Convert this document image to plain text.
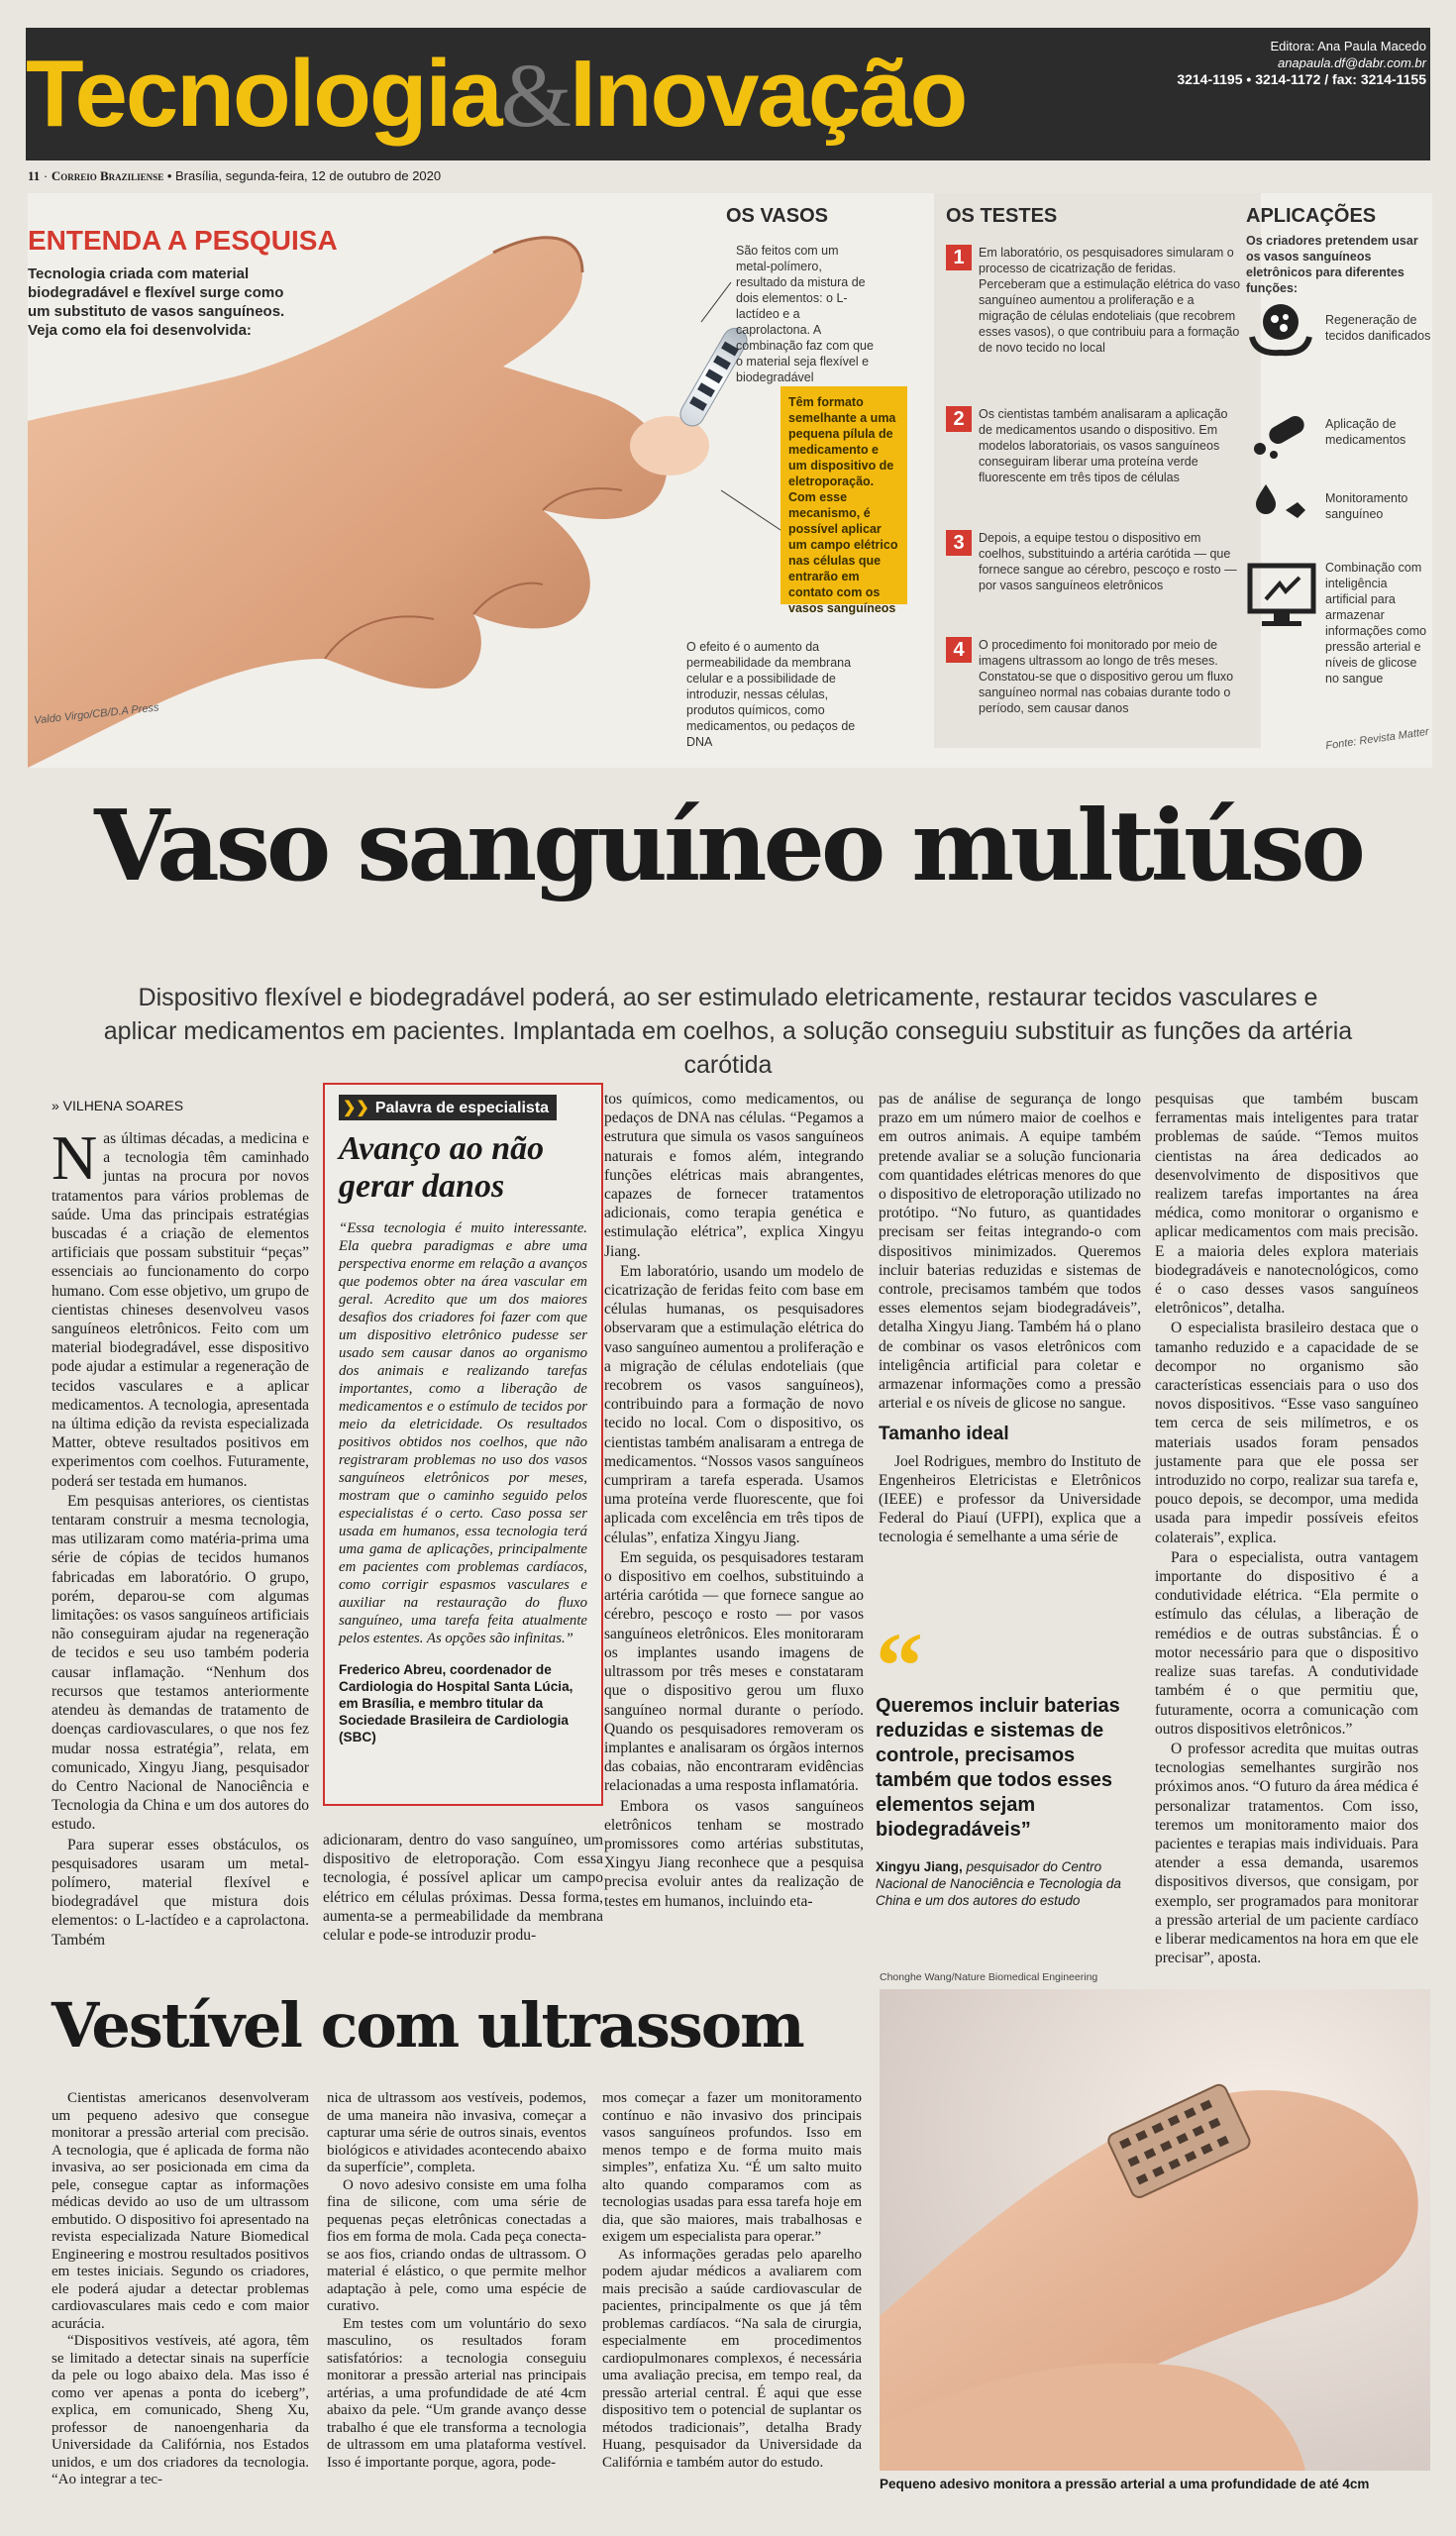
Tecnologia&Inovação	Editora: Ana Paula Macedo
anapaula.df@dabr.com.br
3214-1195 • 3214-1172 / fax: 3214-1155
11 · Correio Braziliense • Brasília, segunda-feira, 12 de outubro de 2020
ENTENDA A PESQUISA
Tecnologia criada com material biodegradável e flexível surge como um substituto de vasos sanguíneos. Veja como ela foi desenvolvida:
OS VASOS
São feitos com um metal-polímero, resultado da mistura de dois elementos: o L-lactídeo e a caprolactona. A combinação faz com que o material seja flexível e biodegradável
Têm formato semelhante a uma pequena pílula de medicamento e um dispositivo de eletroporação. Com esse mecanismo, é possível aplicar um campo elétrico nas células que entrarão em contato com os vasos sanguíneos
O efeito é o aumento da permeabilidade da membrana celular e a possibilidade de introduzir, nessas células, produtos químicos, como medicamentos, ou pedaços de DNA
OS TESTES
1	Em laboratório, os pesquisadores simularam o processo de cicatrização de feridas. Perceberam que a estimulação elétrica do vaso sanguíneo aumentou a proliferação e a migração de células endoteliais (que recobrem esses vasos), o que contribuiu para a formação de novo tecido no local
2	Os cientistas também analisaram a aplicação de medicamentos usando o dispositivo. Em modelos laboratoriais, os vasos sanguíneos conseguiram liberar uma proteína verde fluorescente em três tipos de células
3	Depois, a equipe testou o dispositivo em coelhos, substituindo a artéria carótida — que fornece sangue ao cérebro, pescoço e rosto — por vasos sanguíneos eletrônicos
4	O procedimento foi monitorado por meio de imagens ultrassom ao longo de três meses. Constatou-se que o dispositivo gerou um fluxo sanguíneo normal nas cobaias durante todo o período, sem causar danos
APLICAÇÕES
Os criadores pretendem usar os vasos sanguíneos eletrônicos para diferentes funções:
Regeneração de tecidos danificados
Aplicação de medicamentos
Monitoramento sanguíneo
Combinação com inteligência artificial para armazenar informações como pressão arterial e níveis de glicose no sangue
Valdo Virgo/CB/D.A Press
Fonte: Revista Matter
Vaso sanguíneo multiúso
Dispositivo flexível e biodegradável poderá, ao ser estimulado eletricamente, restaurar tecidos vasculares e aplicar medicamentos em pacientes. Implantada em coelhos, a solução conseguiu substituir as funções da artéria carótida
» VILHENA SOARES

Nas últimas décadas, a medicina e a tecnologia têm caminhado juntas na procura por novos tratamentos para vários problemas de saúde. Uma das principais estratégias buscadas é a criação de elementos artificiais que possam substituir “peças” essenciais ao funcionamento do corpo humano. Com esse objetivo, um grupo de cientistas chineses desenvolveu vasos sanguíneos eletrônicos. Feito com um material biodegradável, esse dispositivo pode ajudar a estimular a regeneração de tecidos vasculares e a aplicar medicamentos. A tecnologia, apresentada na última edição da revista especializada Matter, obteve resultados positivos em experimentos com coelhos. Futuramente, poderá ser testada em humanos.

Em pesquisas anteriores, os cientistas tentaram construir a mesma tecnologia, mas utilizaram como matéria-prima uma série de cópias de tecidos humanos fabricadas em laboratório. O grupo, porém, deparou-se com algumas limitações: os vasos sanguíneos artificiais não conseguiram ajudar na regeneração de tecidos e seu uso também poderia causar inflamação. “Nenhum dos recursos que testamos anteriormente atendeu às demandas de tratamento de doenças cardiovasculares, o que nos fez mudar nossa estratégia”, relata, em comunicado, Xingyu Jiang, pesquisador do Centro Nacional de Nanociência e Tecnologia da China e um dos autores do estudo.

Para superar esses obstáculos, os pesquisadores usaram um metal-polímero, material flexível e biodegradável que mistura dois elementos: o L-lactídeo e a caprolactona. Também

❯❯ Palavra de especialista
Avanço ao não gerar danos
“Essa tecnologia é muito interessante. Ela quebra paradigmas e abre uma perspectiva enorme em relação a avanços que podemos obter na área vascular em geral. Acredito que um dos maiores desafios dos criadores foi fazer com que um dispositivo eletrônico pudesse ser usado sem causar danos ao organismo dos animais e realizando tarefas importantes, como a liberação de medicamentos e o estímulo de tecidos por meio da eletricidade. Os resultados positivos obtidos nos coelhos, que não registraram problemas no uso dos vasos sanguíneos eletrônicos por meses, mostram que o caminho seguido pelos especialistas é o certo. Caso possa ser usada em humanos, essa tecnologia terá uma gama de aplicações, principalmente em pacientes com problemas cardíacos, como corrigir espasmos vasculares e auxiliar na restauração do fluxo sanguíneo, uma tarefa feita atualmente pelos estentes. As opções são infinitas.”
Frederico Abreu, coordenador de Cardiologia do Hospital Santa Lúcia, em Brasília, e membro titular da Sociedade Brasileira de Cardiologia (SBC)

adicionaram, dentro do vaso sanguíneo, um dispositivo de eletroporação. Com essa tecnologia, é possível aplicar um campo elétrico em células próximas. Dessa forma, aumenta-se a permeabilidade da membrana celular e pode-se introduzir produ-

tos químicos, como medicamentos, ou pedaços de DNA nas células. “Pegamos a estrutura que simula os vasos sanguíneos naturais e fomos além, integrando funções elétricas mais abrangentes, capazes de fornecer tratamentos adicionais, como terapia genética e estimulação elétrica”, explica Xingyu Jiang.

Em laboratório, usando um modelo de cicatrização de feridas feito com base em células humanas, os pesquisadores observaram que a estimulação elétrica do vaso sanguíneo aumentou a proliferação e a migração de células endoteliais (que recobrem os vasos sanguíneos), contribuindo para a formação de novo tecido no local. Com o dispositivo, os cientistas também analisaram a entrega de medicamentos. “Nossos vasos sanguíneos cumpriram a tarefa esperada. Usamos uma proteína verde fluorescente, que foi aplicada com excelência em três tipos de células”, enfatiza Xingyu Jiang.

Em seguida, os pesquisadores testaram o dispositivo em coelhos, substituindo a artéria carótida — que fornece sangue ao cérebro, pescoço e rosto — por vasos sanguíneos eletrônicos. Eles monitoraram os implantes usando imagens de ultrassom por três meses e constataram que o dispositivo gerou um fluxo sanguíneo normal durante o período. Quando os pesquisadores removeram os implantes e analisaram os órgãos internos das cobaias, não encontraram evidências relacionadas a uma resposta inflamatória.

Embora os vasos sanguíneos eletrônicos tenham se mostrado promissores como artérias substitutas, Xingyu Jiang reconhece que a pesquisa precisa evoluir antes da realização de testes em humanos, incluindo eta-

pas de análise de segurança de longo prazo em um número maior de coelhos e em outros animais. A equipe também pretende avaliar se a solução funcionaria com quantidades elétricas menores do que o dispositivo de eletroporação utilizado no protótipo. “No futuro, as quantidades precisam ser feitas integrando-o com dispositivos minimizados. Queremos incluir baterias reduzidas e sistemas de controle, precisamos também que todos esses elementos sejam biodegradáveis”, detalha Xingyu Jiang. Também há o plano de combinar os vasos eletrônicos com inteligência artificial para coletar e armazenar informações como a pressão arterial e os níveis de glicose no sangue.

Tamanho ideal

Joel Rodrigues, membro do Instituto de Engenheiros Eletricistas e Eletrônicos (IEEE) e professor da Universidade Federal do Piauí (UFPI), explica que a tecnologia é semelhante a uma série de

“
Queremos incluir baterias reduzidas e sistemas de controle, precisamos também que todos esses elementos sejam biodegradáveis”
Xingyu Jiang, pesquisador do Centro Nacional de Nanociência e Tecnologia da China e um dos autores do estudo

pesquisas que também buscam ferramentas mais inteligentes para tratar problemas de saúde. “Temos muitos cientistas na área dedicados ao desenvolvimento de dispositivos que realizem tarefas importantes na área médica, como monitorar o organismo e aplicar medicamentos com mais precisão. E a maioria deles explora materiais biodegradáveis e nanotecnológicos, como é o caso desses vasos sanguíneos eletrônicos”, detalha.

O especialista brasileiro destaca que o tamanho reduzido e a capacidade de se decompor no organismo são características essenciais para o uso dos novos dispositivos. “Esse vaso sanguíneo tem cerca de seis milímetros, e os materiais usados foram pensados justamente para que ele possa ser introduzido no corpo, realizar sua tarefa e, pouco depois, se decompor, uma medida usada para impedir possíveis efeitos colaterais”, explica.

Para o especialista, outra vantagem importante do dispositivo é a condutividade elétrica. “Ela permite o estímulo das células, a liberação de remédios e de outras substâncias. É o motor necessário para que o dispositivo realize suas tarefas. A condutividade também é o que permitiu que, futuramente, ocorra a comunicação com outros dispositivos eletrônicos.”

O professor acredita que muitas outras tecnologias semelhantes surgirão nos próximos anos. “O futuro da área médica é personalizar tratamentos. Com isso, teremos um monitoramento maior dos pacientes e terapias mais individuais. Para atender a essa demanda, usaremos dispositivos diversos, que consigam, por exemplo, ser programados para monitorar a pressão arterial de um paciente cardíaco e liberar medicamentos na hora em que ele precisar”, aposta.

Vestível com ultrassom

Cientistas americanos desenvolveram um pequeno adesivo que consegue monitorar a pressão arterial com precisão. A tecnologia, que é aplicada de forma não invasiva, ao ser posicionada em cima da pele, consegue captar as informações médicas devido ao uso de um ultrassom embutido. O dispositivo foi apresentado na revista especializada Nature Biomedical Engineering e mostrou resultados positivos em testes iniciais. Segundo os criadores, ele poderá ajudar a detectar problemas cardiovasculares mais cedo e com maior acurácia.

“Dispositivos vestíveis, até agora, têm se limitado a detectar sinais na superfície da pele ou logo abaixo dela. Mas isso é como ver apenas a ponta do iceberg”, explica, em comunicado, Sheng Xu, professor de nanoengenharia da Universidade da Califórnia, nos Estados unidos, e um dos criadores da tecnologia. “Ao integrar a tec-

nica de ultrassom aos vestíveis, podemos, de uma maneira não invasiva, começar a capturar uma série de outros sinais, eventos biológicos e atividades acontecendo abaixo da superfície”, completa.

O novo adesivo consiste em uma folha fina de silicone, com uma série de pequenas peças eletrônicas conectadas a fios em forma de mola. Cada peça conecta-se aos fios, criando ondas de ultrassom. O material é elástico, o que permite melhor adaptação à pele, como uma espécie de curativo.

Em testes com um voluntário do sexo masculino, os resultados foram satisfatórios: a tecnologia conseguiu monitorar a pressão arterial nas principais artérias, a uma profundidade de até 4cm abaixo da pele. “Um grande avanço desse trabalho é que ele transforma a tecnologia de ultrassom em uma plataforma vestível. Isso é importante porque, agora, pode-

mos começar a fazer um monitoramento contínuo e não invasivo dos principais vasos sanguíneos profundos. Isso em menos tempo e de forma muito mais simples”, enfatiza Xu. “É um salto muito alto quando comparamos com as tecnologias usadas para essa tarefa hoje em dia, que são maiores, mais trabalhosas e exigem um especialista para operar.”

As informações geradas pelo aparelho podem ajudar médicos a avaliarem com mais precisão a saúde cardiovascular de pacientes, principalmente os que já têm problemas cardíacos. “Na sala de cirurgia, especialmente em procedimentos cardiopulmonares complexos, é necessária uma avaliação precisa, em tempo real, da pressão arterial central. É aqui que esse dispositivo tem o potencial de suplantar os métodos tradicionais”, detalha Brady Huang, pesquisador da Universidade da Califórnia e também autor do estudo.

Chonghe Wang/Nature Biomedical Engineering
Pequeno adesivo monitora a pressão arterial a uma profundidade de até 4cm
